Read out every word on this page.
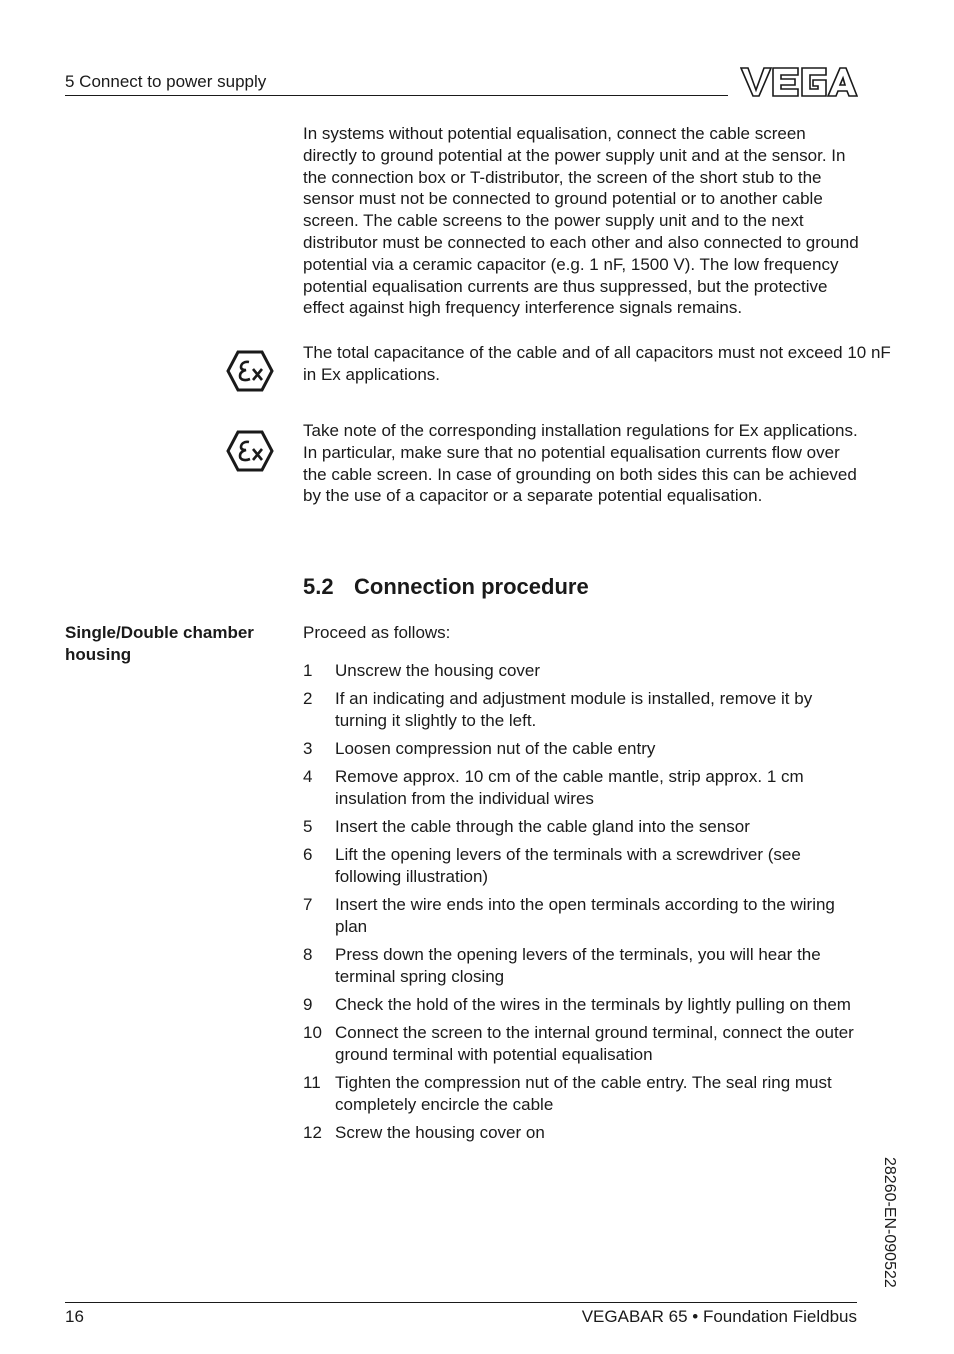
5 Connect to power supply
In systems without potential equalisation, connect the cable screen directly to ground potential at the power supply unit and at the sensor. In the connection box or T-distributor, the screen of the short stub to the sensor must not be connected to ground potential or to another cable screen. The cable screens to the power supply unit and to the next distributor must be connected to each other and also connected to ground potential via a ceramic capacitor (e.g. 1 nF, 1500 V). The low frequency potential equalisation currents are thus suppressed, but the protective effect against high frequency interference signals remains.
The total capacitance of the cable and of all capacitors must not exceed 10 nF in Ex applications.
Take note of the corresponding installation regulations for Ex applications. In particular, make sure that no potential equalisation currents flow over the cable screen. In case of grounding on both sides this can be achieved by the use of a capacitor or a separate potential equalisation.
5.2 Connection procedure
Single/Double chamber housing
Proceed as follows:
1 Unscrew the housing cover
2 If an indicating and adjustment module is installed, remove it by turning it slightly to the left.
3 Loosen compression nut of the cable entry
4 Remove approx. 10 cm of the cable mantle, strip approx. 1 cm insulation from the individual wires
5 Insert the cable through the cable gland into the sensor
6 Lift the opening levers of the terminals with a screwdriver (see following illustration)
7 Insert the wire ends into the open terminals according to the wiring plan
8 Press down the opening levers of the terminals, you will hear the terminal spring closing
9 Check the hold of the wires in the terminals by lightly pulling on them
10 Connect the screen to the internal ground terminal, connect the outer ground terminal with potential equalisation
11 Tighten the compression nut of the cable entry. The seal ring must completely encircle the cable
12 Screw the housing cover on
28260-EN-090522
16	VEGABAR 65 • Foundation Fieldbus
